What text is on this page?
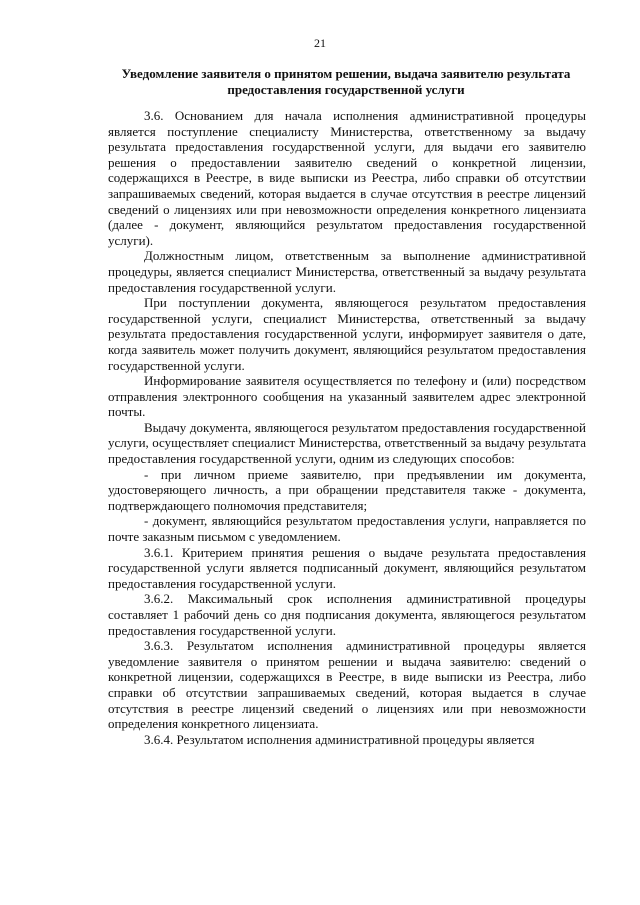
21
Уведомление заявителя о принятом решении, выдача заявителю результата предоставления государственной услуги

3.6. Основанием для начала исполнения административной процедуры является поступление специалисту Министерства, ответственному за выдачу результата предоставления государственной услуги, для выдачи его заявителю решения о предоставлении заявителю сведений о конкретной лицензии, содержащихся в Реестре, в виде выписки из Реестра, либо справки об отсутствии запрашиваемых сведений, которая выдается в случае отсутствия в реестре лицензий сведений о лицензиях или при невозможности определения конкретного лицензиата (далее - документ, являющийся результатом предоставления государственной услуги).

Должностным лицом, ответственным за выполнение административной процедуры, является специалист Министерства, ответственный за выдачу результата предоставления государственной услуги.

При поступлении документа, являющегося результатом предоставления государственной услуги, специалист Министерства, ответственный за выдачу результата предоставления государственной услуги, информирует заявителя о дате, когда заявитель может получить документ, являющийся результатом предоставления государственной услуги.

Информирование заявителя осуществляется по телефону и (или) посредством отправления электронного сообщения на указанный заявителем адрес электронной почты.

Выдачу документа, являющегося результатом предоставления государственной услуги, осуществляет специалист Министерства, ответственный за выдачу результата предоставления государственной услуги, одним из следующих способов:

- при личном приеме заявителю, при предъявлении им документа, удостоверяющего личность, а при обращении представителя также - документа, подтверждающего полномочия представителя;

- документ, являющийся результатом предоставления услуги, направляется по почте заказным письмом с уведомлением.

3.6.1. Критерием принятия решения о выдаче результата предоставления государственной услуги является подписанный документ, являющийся результатом предоставления государственной услуги.

3.6.2. Максимальный срок исполнения административной процедуры составляет 1 рабочий день со дня подписания документа, являющегося результатом предоставления государственной услуги.

3.6.3. Результатом исполнения административной процедуры является уведомление заявителя о принятом решении и выдача заявителю: сведений о конкретной лицензии, содержащихся в Реестре, в виде выписки из Реестра, либо справки об отсутствии запрашиваемых сведений, которая выдается в случае отсутствия в реестре лицензий сведений о лицензиях или при невозможности определения конкретного лицензиата.

3.6.4. Результатом исполнения административной процедуры является
